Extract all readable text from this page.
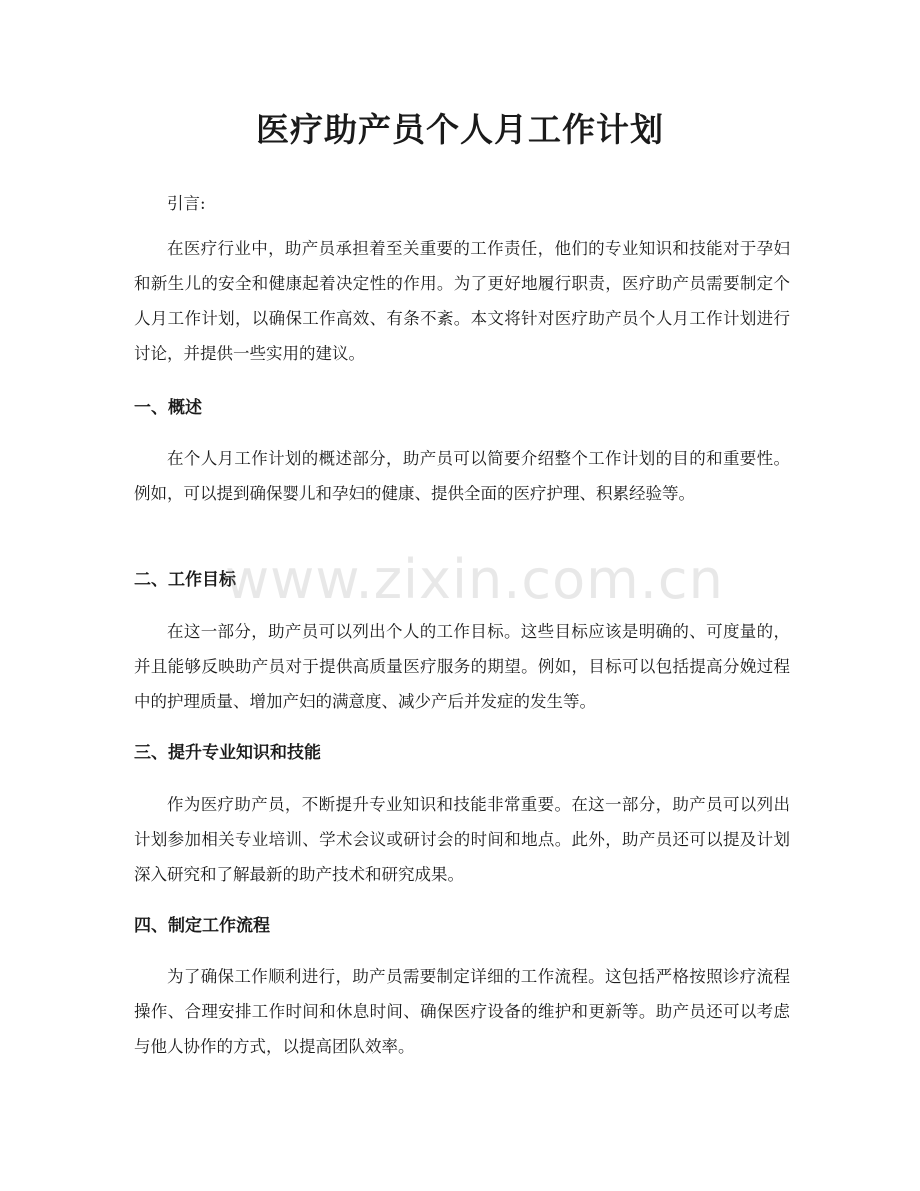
医疗助产员个人月工作计划

引言:

在医疗行业中，助产员承担着至关重要的工作责任，他们的专业知识和技能对于孕妇和新生儿的安全和健康起着决定性的作用。为了更好地履行职责，医疗助产员需要制定个人月工作计划，以确保工作高效、有条不紊。本文将针对医疗助产员个人月工作计划进行讨论，并提供一些实用的建议。

一、概述

在个人月工作计划的概述部分，助产员可以简要介绍整个工作计划的目的和重要性。例如，可以提到确保婴儿和孕妇的健康、提供全面的医疗护理、积累经验等。

二、工作目标

在这一部分，助产员可以列出个人的工作目标。这些目标应该是明确的、可度量的，并且能够反映助产员对于提供高质量医疗服务的期望。例如，目标可以包括提高分娩过程中的护理质量、增加产妇的满意度、减少产后并发症的发生等。

三、提升专业知识和技能

作为医疗助产员，不断提升专业知识和技能非常重要。在这一部分，助产员可以列出计划参加相关专业培训、学术会议或研讨会的时间和地点。此外，助产员还可以提及计划深入研究和了解最新的助产技术和研究成果。

四、制定工作流程

为了确保工作顺利进行，助产员需要制定详细的工作流程。这包括严格按照诊疗流程操作、合理安排工作时间和休息时间、确保医疗设备的维护和更新等。助产员还可以考虑与他人协作的方式，以提高团队效率。

www.zixin.com.cn
